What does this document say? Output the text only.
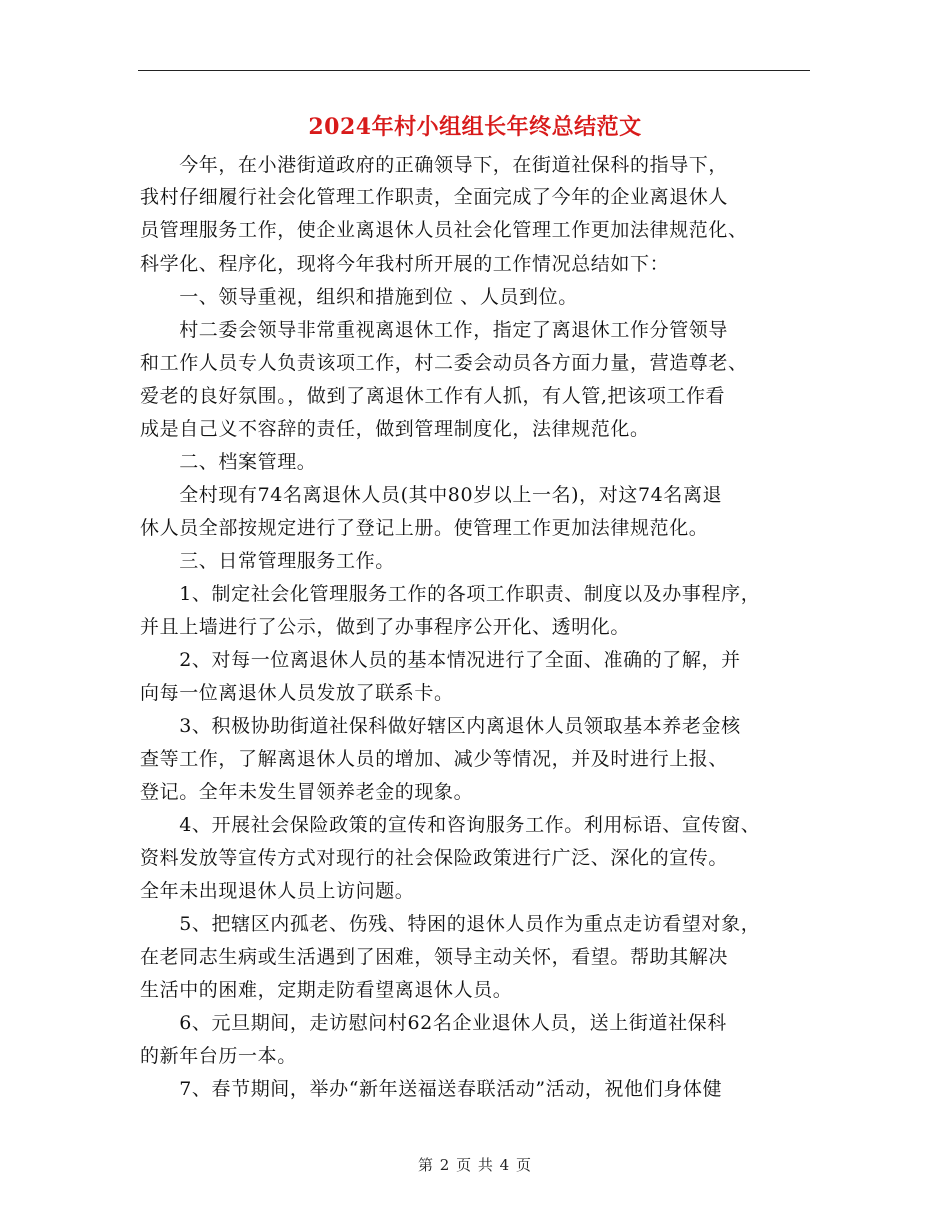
2024年村小组组长年终总结范文
　　今年，在小港街道政府的正确领导下，在街道社保科的指导下，
我村仔细履行社会化管理工作职责，全面完成了今年的企业离退休人
员管理服务工作，使企业离退休人员社会化管理工作更加法律规范化、
科学化、程序化，现将今年我村所开展的工作情况总结如下：
　　一、领导重视，组织和措施到位 、人员到位。
　　村二委会领导非常重视离退休工作，指定了离退休工作分管领导
和工作人员专人负责该项工作，村二委会动员各方面力量，营造尊老、
爱老的良好氛围。，做到了离退休工作有人抓，有人管,把该项工作看
成是自己义不容辞的责任，做到管理制度化，法律规范化。
　　二、档案管理。
　　全村现有74名离退休人员(其中80岁以上一名)，对这74名离退
休人员全部按规定进行了登记上册。使管理工作更加法律规范化。
　　三、日常管理服务工作。
　　1、制定社会化管理服务工作的各项工作职责、制度以及办事程序，
并且上墙进行了公示，做到了办事程序公开化、透明化。
　　2、对每一位离退休人员的基本情况进行了全面、准确的了解，并
向每一位离退休人员发放了联系卡。
　　3、积极协助街道社保科做好辖区内离退休人员领取基本养老金核
查等工作，了解离退休人员的增加、减少等情况，并及时进行上报、
登记。全年未发生冒领养老金的现象。
　　4、开展社会保险政策的宣传和咨询服务工作。利用标语、宣传窗、
资料发放等宣传方式对现行的社会保险政策进行广泛、深化的宣传。
全年未出现退休人员上访问题。
　　5、把辖区内孤老、伤残、特困的退休人员作为重点走访看望对象，
在老同志生病或生活遇到了困难，领导主动关怀，看望。帮助其解决
生活中的困难，定期走防看望离退休人员。
　　6、元旦期间，走访慰问村62名企业退休人员，送上街道社保科
的新年台历一本。
　　7、春节期间，举办“新年送福送春联活动”活动，祝他们身体健
第 2 页 共 4 页
